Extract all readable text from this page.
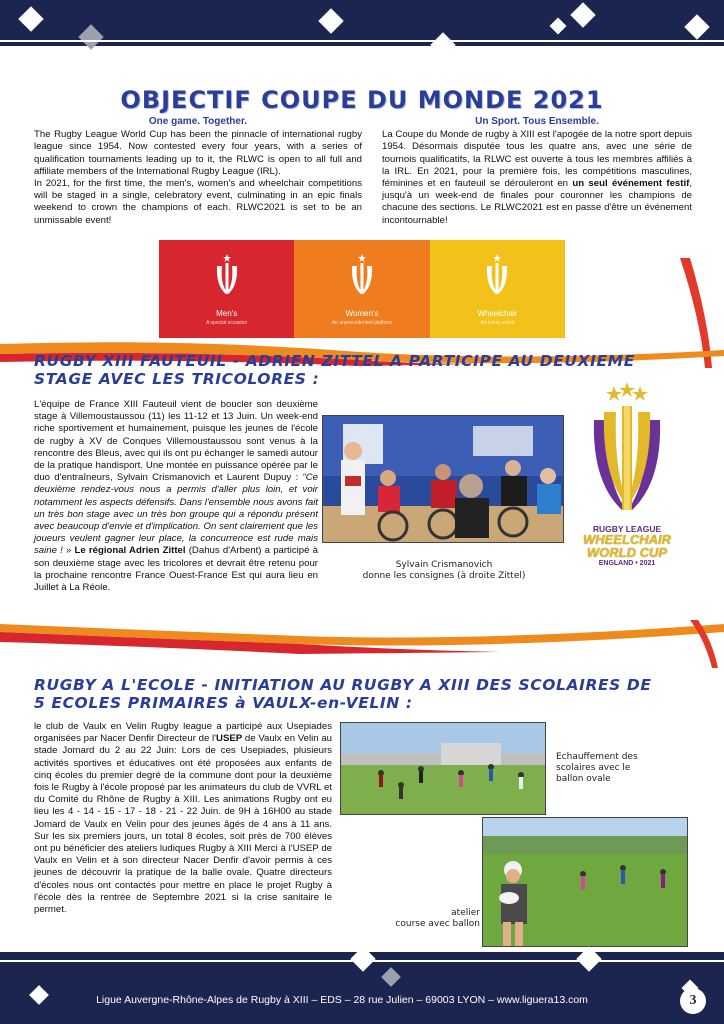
OBJECTIF COUPE DU MONDE 2021
One game. Together.

The Rugby League World Cup has been the pinnacle of international rugby league since 1954. Now contested every four years, with a series of qualification tournaments leading up to it, the RLWC is open to all full and affiliate members of the International Rugby League (IRL).

In 2021, for the first time, the men's, women's and wheelchair competitions will be staged in a single, celebratory event, culminating in an epic finals weekend to crown the champions of each. RLWC2021 is set to be an unmissable event!

Un Sport. Tous Ensemble.

La Coupe du Monde de rugby à XIII est l'apogée de la notre sport depuis 1954. Désormais disputée tous les quatre ans, avec une série de tournois qualificatifs, la RLWC est ouverte à tous les membres affiliés à la IRL. En 2021, pour la première fois, les compétitions masculines, féminines et en fauteuil se dérouleront en un seul événement festif, jusqu'à un week-end de finales pour couronner les champions de chacune des sections. Le RLWC2021 est en passe d'être un événement incontournable!

Men's
A special occasion
Women's
An unprecedented platform
Wheelchair
An iconic event
RUGBY XIII FAUTEUIL - ADRIEN ZITTEL A PARTICIPE AU DEUXIEME
STAGE AVEC LES TRICOLORES :

L'équipe de France XIII Fauteuil vient de boucler son deuxième stage à Villemoustaussou (11) les 11-12 et 13 Juin. Un week-end riche sportivement et humainement, puisque les jeunes de l'école de rugby à XV de Conques Villemoustaussou sont venus à la rencontre des Bleus, avec qui ils ont pu échanger le samedi autour de la pratique handisport. Une montée en puissance opérée par le duo d'entraîneurs, Sylvain Crismanovich et Laurent Dupuy : “Ce deuxième rendez-vous nous a permis d'aller plus loin, et voir notamment les aspects défensifs. Dans l'ensemble nous avons fait un très bon stage avec un très bon groupe qui a répondu présent avec beaucoup d'envie et d'implication. On sent clairement que les joueurs veulent gagner leur place, la concurrence est rude mais saine ! » Le régional Adrien Zittel (Dahus d'Arbent) a participé à son deuxième stage avec les tricolores et devrait être retenu pour la prochaine rencontre France Ouest-France Est qui aura lieu en Juillet à La Réole.

Sylvain Crismanovich
donne les consignes (à droite Zittel)
RUGBY LEAGUE
WHEELCHAIR
WORLD CUP
ENGLAND • 2021
RUGBY A L'ECOLE - INITIATION AU RUGBY A XIII DES SCOLAIRES DE
5 ECOLES PRIMAIRES à VAULX-en-VELIN :

le club de Vaulx en Velin Rugby league a participé aux Usepiades organisées par Nacer Denfir Directeur de l'USEP de Vaulx en Velin au stade Jomard du 2 au 22 Juin: Lors de ces Usepiades, plusieurs activités sportives et éducatives ont été proposées aux enfants de cinq écoles du premier degré de la commune dont pour la deuxième fois le Rugby à l'école proposé par les animateurs du club de VVRL et du Comité du Rhône de Rugby à XIII. Les animations Rugby ont eu lieu les 4 - 14 - 15 - 17 - 18 - 21 - 22 Juin. de 9H à 16H00 au stade Jomard de Vaulx en Velin pour des jeunes âgés de 4 ans à 11 ans. Sur les six premiers jours, un total 8 écoles, soit près de 700 élèves ont pu bénéficier des ateliers ludiques Rugby à XIII Merci à l'USEP de Vaulx en Velin et à son directeur Nacer Denfir d'avoir permis à ces jeunes de découvrir la pratique de la balle ovale. Quatre directeurs d'écoles nous ont contactés pour mettre en place le projet Rugby à l'école dès la rentrée de Septembre 2021 si la crise sanitaire le permet.

Echauffement des
scolaires avec le
ballon ovale
atelier
course avec ballon
Ligue Auvergne-Rhône-Alpes de Rugby à XIII – EDS – 28 rue Julien – 69003 LYON – www.liguera13.com	3
